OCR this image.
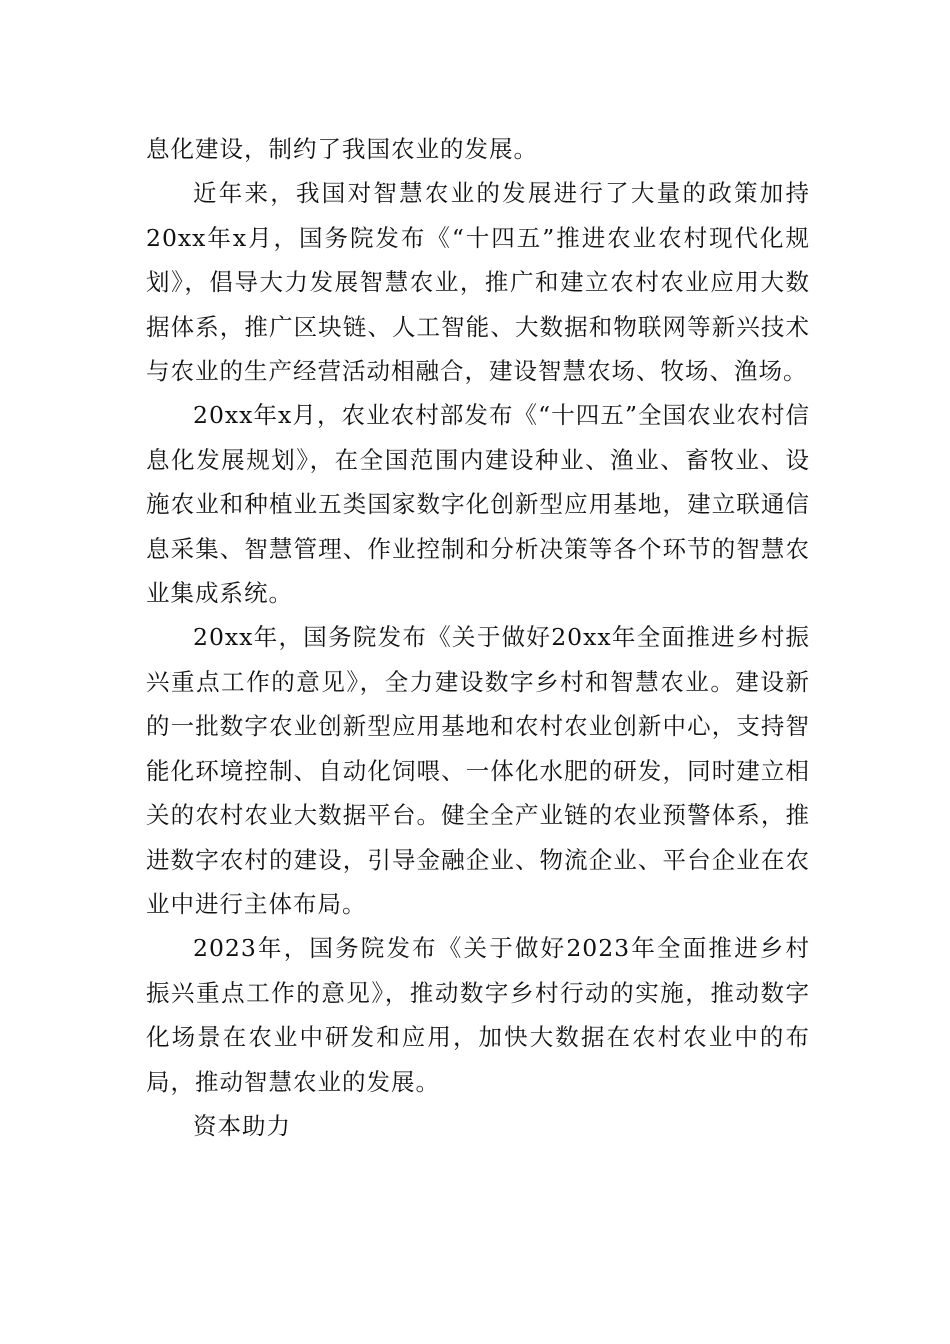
息化建设，制约了我国农业的发展。

近年来，我国对智慧农业的发展进行了大量的政策加持20xx年x月，国务院发布《“十四五”推进农业农村现代化规划》，倡导大力发展智慧农业，推广和建立农村农业应用大数据体系，推广区块链、人工智能、大数据和物联网等新兴技术与农业的生产经营活动相融合，建设智慧农场、牧场、渔场。

20xx年x月，农业农村部发布《“十四五”全国农业农村信息化发展规划》，在全国范围内建设种业、渔业、畜牧业、设施农业和种植业五类国家数字化创新型应用基地，建立联通信息采集、智慧管理、作业控制和分析决策等各个环节的智慧农业集成系统。

20xx年，国务院发布《关于做好20xx年全面推进乡村振兴重点工作的意见》，全力建设数字乡村和智慧农业。建设新的一批数字农业创新型应用基地和农村农业创新中心，支持智能化环境控制、自动化饲喂、一体化水肥的研发，同时建立相关的农村农业大数据平台。健全全产业链的农业预警体系，推进数字农村的建设，引导金融企业、物流企业、平台企业在农业中进行主体布局。

2023年，国务院发布《关于做好2023年全面推进乡村振兴重点工作的意见》，推动数字乡村行动的实施，推动数字化场景在农业中研发和应用，加快大数据在农村农业中的布局，推动智慧农业的发展。

资本助力
